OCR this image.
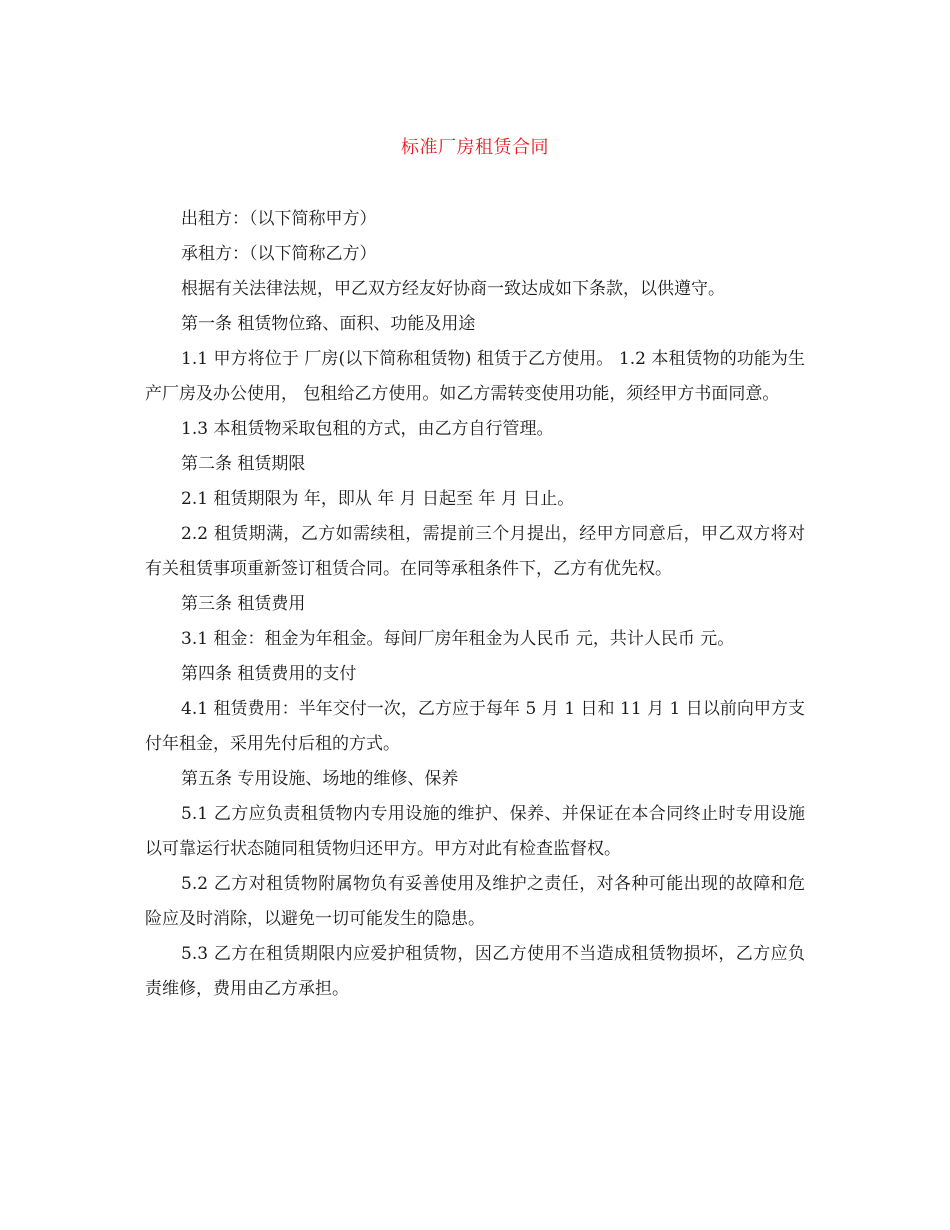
标准厂房租赁合同

出租方：（以下简称甲方）

承租方：（以下简称乙方）

根据有关法律法规，甲乙双方经友好协商一致达成如下条款，以供遵守。

第一条 租赁物位臵、面积、功能及用途

1.1 甲方将位于 厂房(以下简称租赁物) 租赁于乙方使用。 1.2 本租赁物的功能为生产厂房及办公使用， 包租给乙方使用。如乙方需转变使用功能，须经甲方书面同意。

1.3 本租赁物采取包租的方式，由乙方自行管理。

第二条 租赁期限

2.1 租赁期限为 年，即从 年 月 日起至 年 月 日止。

2.2 租赁期满，乙方如需续租，需提前三个月提出，经甲方同意后，甲乙双方将对有关租赁事项重新签订租赁合同。在同等承租条件下，乙方有优先权。

第三条 租赁费用

3.1 租金：租金为年租金。每间厂房年租金为人民币 元，共计人民币 元。

第四条 租赁费用的支付

4.1 租赁费用：半年交付一次，乙方应于每年 5 月 1 日和 11 月 1 日以前向甲方支付年租金，采用先付后租的方式。

第五条 专用设施、场地的维修、保养

5.1 乙方应负责租赁物内专用设施的维护、保养、并保证在本合同终止时专用设施以可靠运行状态随同租赁物归还甲方。甲方对此有检查监督权。

5.2 乙方对租赁物附属物负有妥善使用及维护之责任，对各种可能出现的故障和危险应及时消除，以避免一切可能发生的隐患。

5.3 乙方在租赁期限内应爱护租赁物，因乙方使用不当造成租赁物损坏，乙方应负责维修，费用由乙方承担。
